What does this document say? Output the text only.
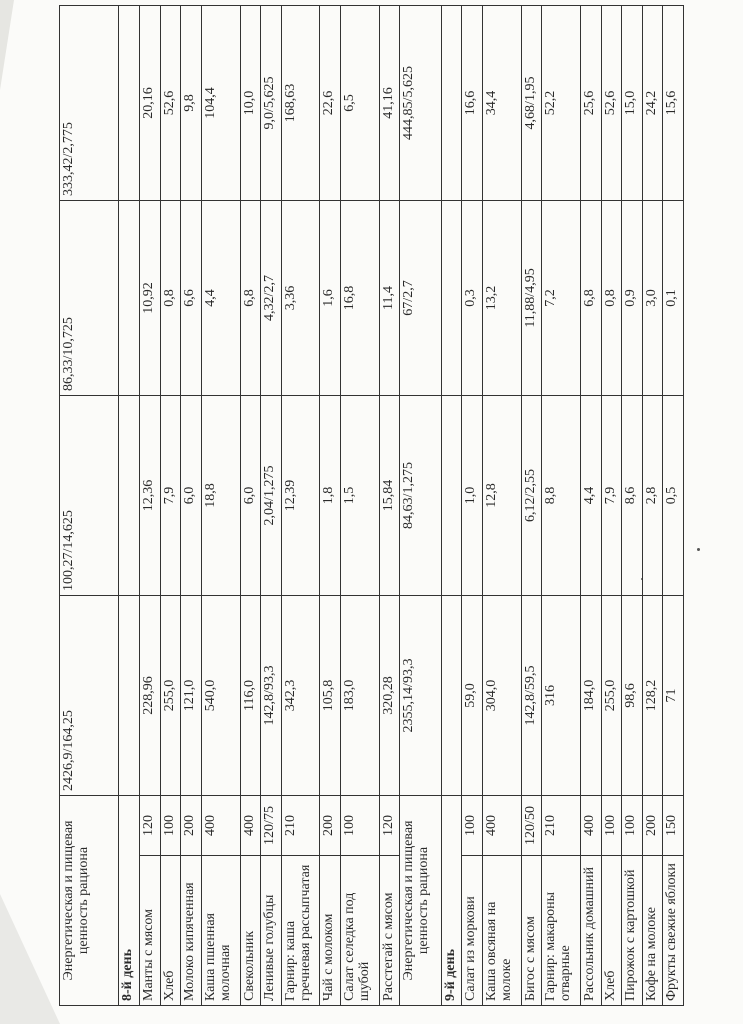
Энергетическая и пищевая ценность рациона		2426,9/164,25	100,27/14,625	86,33/10,725	333,42/2,775
8-й день					
Манты с мясом	120	228,96	12,36	10,92	20,16
Хлеб	100	255,0	7,9	0,8	52,6
Молоко кипяченная	200	121,0	6,0	6,6	9,8
Каша пшенная молочная	400	540,0	18,8	4,4	104,4
Свекольник	400	116,0	6,0	6,8	10,0
Ленивые голубцы	120/75	142,8/93,3	2,04/1,275	4,32/2,7	9,0/5,625
Гарнир: каша гречневая рассыпчатая	210	342,3	12,39	3,36	168,63
Чай с молоком	200	105,8	1,8	1,6	22,6
Салат селедка под шубой	100	183,0	1,5	16,8	6,5
Расстегай с мясом	120	320,28	15,84	11,4	41,16
Энергетическая и пищевая ценность рациона		2355,14/93,3	84,63/1,275	67/2,7	444,85/5,625
9-й день					
Салат из моркови	100	59,0	1,0	0,3	16,6
Каша овсяная на молоке	400	304,0	12,8	13,2	34,4
Бигос с мясом	120/50	142,8/59,5	6,12/2,55	11,88/4,95	4,68/1,95
Гарнир: макароны отварные	210	316	8,8	7,2	52,2
Рассольник домашний	400	184,0	4,4	6,8	25,6
Хлеб	100	255,0	7,9	0,8	52,6
Пирожок с картошкой	100	98,6	8,6	0,9	15,0
Кофе на молоке	200	128,2	2,8	3,0	24,2
Фрукты свежие яблоки	150	71	0,5	0,1	15,6
